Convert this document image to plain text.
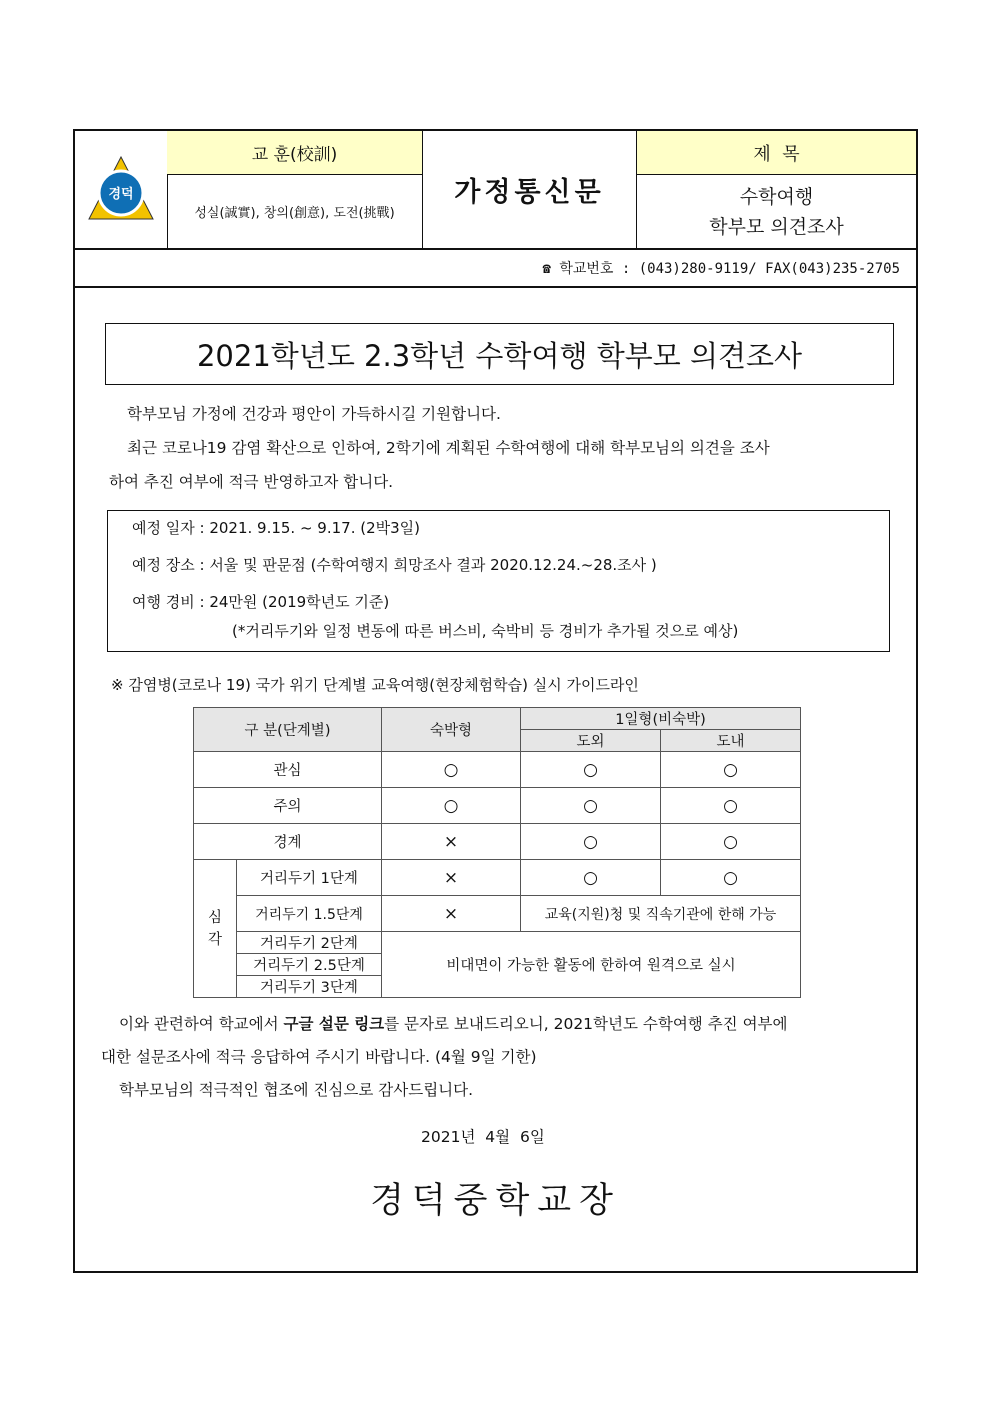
경덕
교 훈(校訓)
성실(誠實), 창의(創意), 도전(挑戰)
가정통신문
제  목
수학여행
학부모 의견조사
☎ 학교번호 : (043)280-9119/ FAX(043)235-2705
2021학년도 2.3학년 수학여행 학부모 의견조사
학부모님 가정에 건강과 평안이 가득하시길 기원합니다.
최근 코로나19 감염 확산으로 인하여, 2학기에 계획된 수학여행에 대해 학부모님의 의견을 조사
하여 추진 여부에 적극 반영하고자 합니다.
예정 일자 : 2021. 9.15. ~ 9.17. (2박3일)
예정 장소 : 서울 및 판문점 (수학여행지 희망조사 결과 2020.12.24.~28.조사 )
여행 경비 : 24만원 (2019학년도 기준)
(*거리두기와 일정 변동에 따른 버스비, 숙박비 등 경비가 추가될 것으로 예상)
※ 감염병(코로나 19) 국가 위기 단계별 교육여행(현장체험학습) 실시 가이드라인
구 분(단계별)		숙박형	1일형(비숙박)	
			도외	도내
관심		○	○	○
주의		○	○	○
경계		×	○	○
심각	거리두기 1단계	×	○	○
	거리두기 1.5단계	×	교육(지원)청 및 직속기관에 한해 가능	
	거리두기 2단계	비대면이 가능한 활동에 한하여 원격으로 실시		
	거리두기 2.5단계			
	거리두기 3단계			
이와 관련하여 학교에서 구글 설문 링크를 문자로 보내드리오니, 2021학년도 수학여행 추진 여부에
대한 설문조사에 적극 응답하여 주시기 바랍니다. (4월 9일 기한)
학부모님의 적극적인 협조에 진심으로 감사드립니다.
2021년  4월  6일
경덕중학교장
